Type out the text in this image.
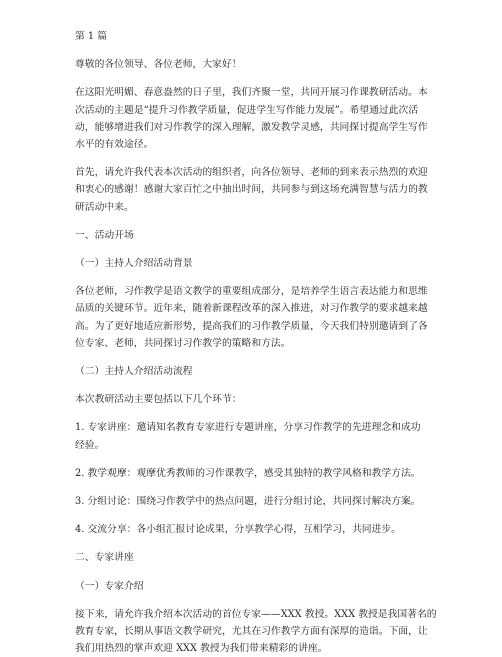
第 1 篇

尊敬的各位领导、各位老师，大家好！

在这阳光明媚、春意盎然的日子里，我们齐聚一堂，共同开展习作课教研活动。本
次活动的主题是“提升习作教学质量，促进学生写作能力发展”。希望通过此次活
动，能够增进我们对习作教学的深入理解，激发教学灵感，共同探讨提高学生写作
水平的有效途径。

首先，请允许我代表本次活动的组织者，向各位领导、老师的到来表示热烈的欢迎
和衷心的感谢！感谢大家百忙之中抽出时间，共同参与到这场充满智慧与活力的教
研活动中来。

一、活动开场

（一）主持人介绍活动背景

各位老师，习作教学是语文教学的重要组成部分，是培养学生语言表达能力和思维
品质的关键环节。近年来，随着新课程改革的深入推进，对习作教学的要求越来越
高。为了更好地适应新形势，提高我们的习作教学质量，今天我们特别邀请到了各
位专家、老师，共同探讨习作教学的策略和方法。

（二）主持人介绍活动流程

本次教研活动主要包括以下几个环节：

1. 专家讲座：邀请知名教育专家进行专题讲座，分享习作教学的先进理念和成功
经验。

2. 教学观摩：观摩优秀教师的习作课教学，感受其独特的教学风格和教学方法。

3. 分组讨论：围绕习作教学中的热点问题，进行分组讨论，共同探讨解决方案。

4. 交流分享：各小组汇报讨论成果，分享教学心得，互相学习，共同进步。

二、专家讲座

（一）专家介绍

接下来，请允许我介绍本次活动的首位专家——XXX 教授。XXX 教授是我国著名的
教育专家，长期从事语文教学研究，尤其在习作教学方面有深厚的造诣。下面，让
我们用热烈的掌声欢迎 XXX 教授为我们带来精彩的讲座。
